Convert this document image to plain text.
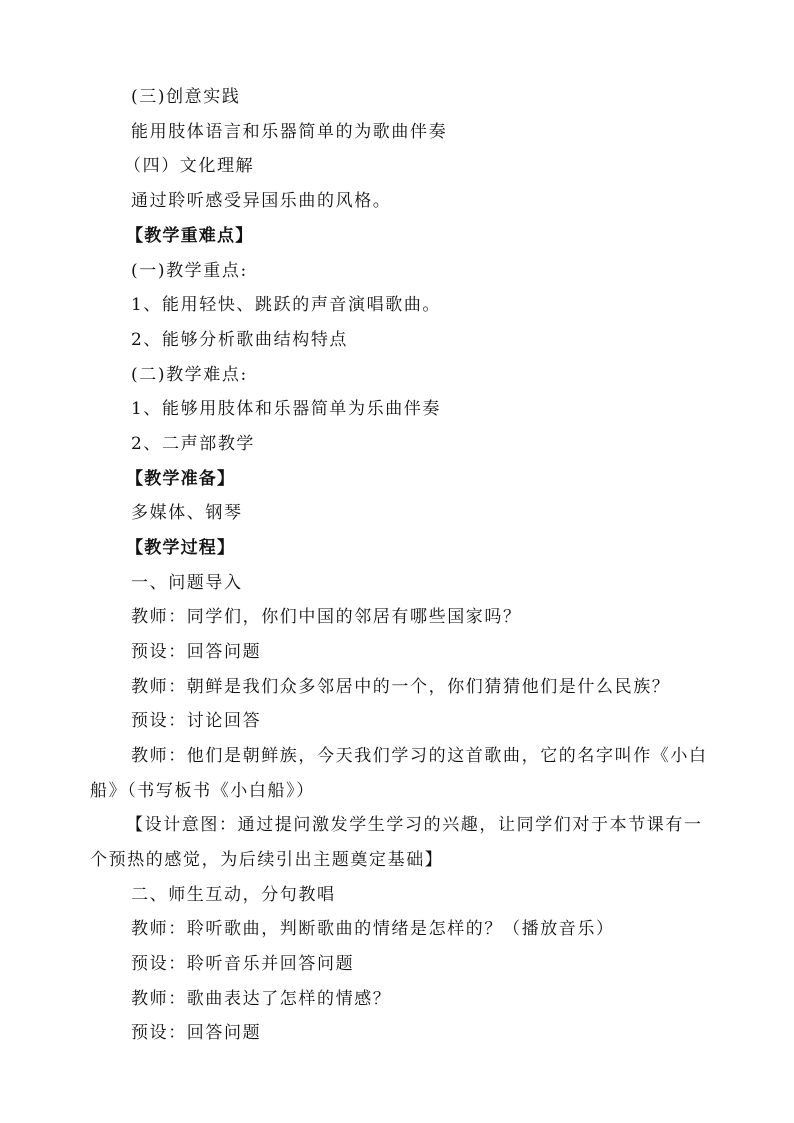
(三)创意实践
能用肢体语言和乐器简单的为歌曲伴奏
（四）文化理解
通过聆听感受异国乐曲的风格。
【教学重难点】
(一)教学重点:
1、能用轻快、跳跃的声音演唱歌曲。
2、能够分析歌曲结构特点
(二)教学难点:
1、能够用肢体和乐器简单为乐曲伴奏
2、二声部教学
【教学准备】
多媒体、钢琴
【教学过程】
一、问题导入
教师：同学们，你们中国的邻居有哪些国家吗？
预设：回答问题
教师：朝鲜是我们众多邻居中的一个，你们猜猜他们是什么民族？
预设：讨论回答
教师：他们是朝鲜族，今天我们学习的这首歌曲，它的名字叫作《小白
船》（书写板书《小白船》）
【设计意图：通过提问激发学生学习的兴趣，让同学们对于本节课有一
个预热的感觉，为后续引出主题奠定基础】
二、师生互动，分句教唱
教师：聆听歌曲，判断歌曲的情绪是怎样的？（播放音乐）
预设：聆听音乐并回答问题
教师：歌曲表达了怎样的情感？
预设：回答问题
